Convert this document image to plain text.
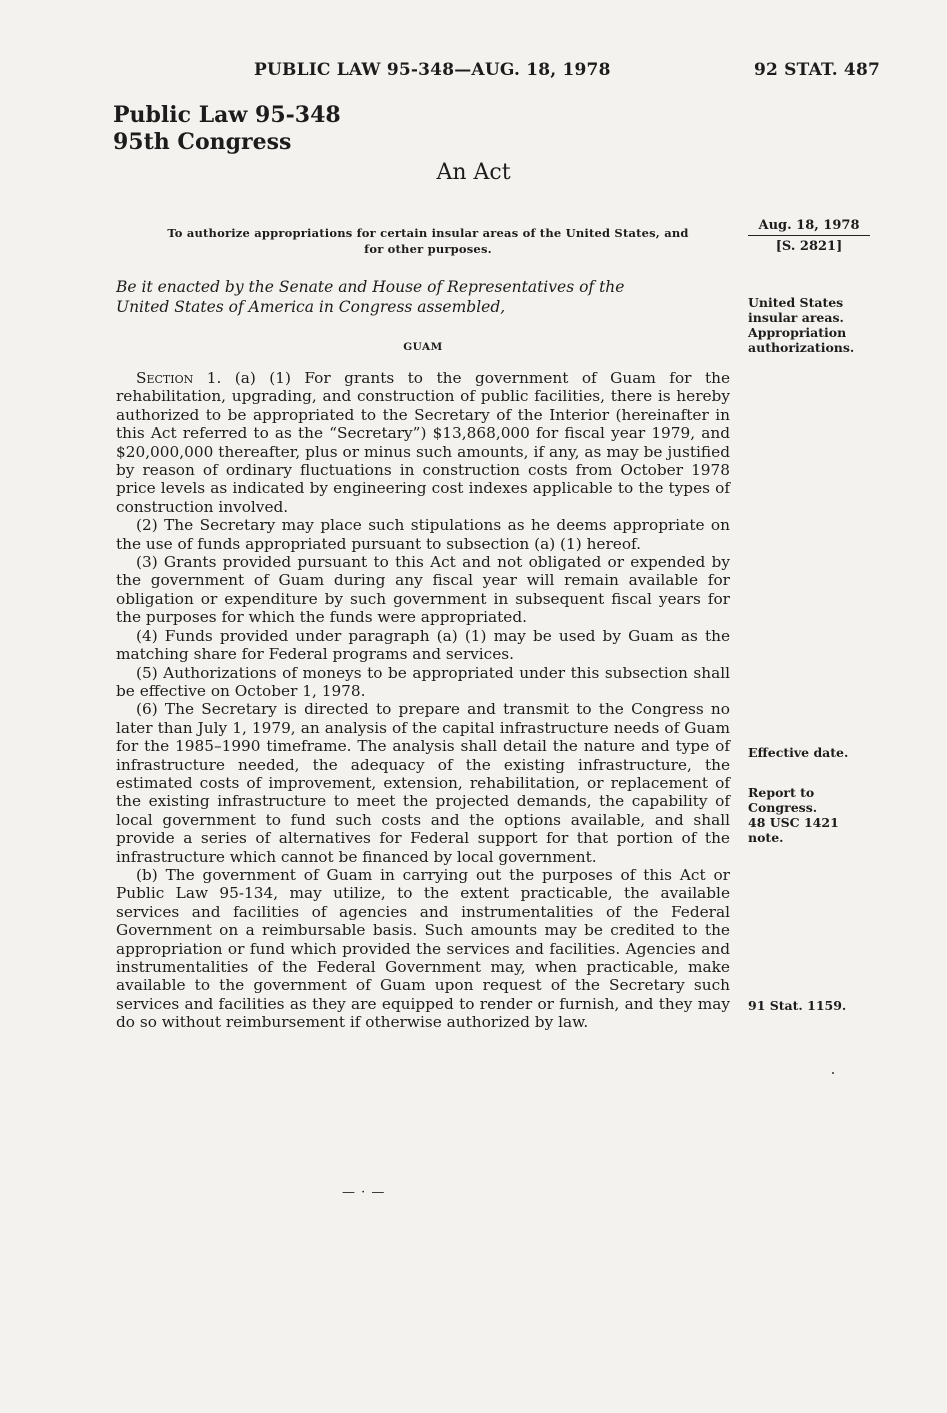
PUBLIC LAW 95-348—AUG. 18, 1978	92 STAT. 487
Public Law 95-348
95th Congress
An Act
To authorize appropriations for certain insular areas of the United States, and
for other purposes.
Aug. 18, 1978
[S. 2821]
Be it enacted by the Senate and House of Representatives of the
United States of America in Congress assembled,	United States
insular areas.
Appropriation
authorizations.
GUAM

Section 1. (a) (1) For grants to the government of Guam for the rehabilitation, upgrading, and construction of public facilities, there is hereby authorized to be appropriated to the Secretary of the Interior (hereinafter in this Act referred to as the “Secretary”) $13,868,000 for fiscal year 1979, and $20,000,000 thereafter, plus or minus such amounts, if any, as may be justified by reason of ordinary fluctuations in construction costs from October 1978 price levels as indicated by engineering cost indexes applicable to the types of construction involved.

(2) The Secretary may place such stipulations as he deems appropriate on the use of funds appropriated pursuant to subsection (a) (1) hereof.

(3) Grants provided pursuant to this Act and not obligated or expended by the government of Guam during any fiscal year will remain available for obligation or expenditure by such government in subsequent fiscal years for the purposes for which the funds were appropriated.

(4) Funds provided under paragraph (a) (1) may be used by Guam as the matching share for Federal programs and services.

(5) Authorizations of moneys to be appropriated under this subsection shall be effective on October 1, 1978.

(6) The Secretary is directed to prepare and transmit to the Congress no later than July 1, 1979, an analysis of the capital infrastructure needs of Guam for the 1985–1990 timeframe. The analysis shall detail the nature and type of infrastructure needed, the adequacy of the existing infrastructure, the estimated costs of improvement, extension, rehabilitation, or replacement of the existing infrastructure to meet the projected demands, the capability of local government to fund such costs and the options available, and shall provide a series of alternatives for Federal support for that portion of the infrastructure which cannot be financed by local government.

(b) The government of Guam in carrying out the purposes of this Act or Public Law 95-134, may utilize, to the extent practicable, the available services and facilities of agencies and instrumentalities of the Federal Government on a reimbursable basis. Such amounts may be credited to the appropriation or fund which provided the services and facilities. Agencies and instrumentalities of the Federal Government may, when practicable, make available to the government of Guam upon request of the Secretary such services and facilities as they are equipped to render or furnish, and they may do so without reimbursement if otherwise authorized by law.

Effective date.
Report to
Congress.
48 USC 1421
note.
91 Stat. 1159.
— · —
